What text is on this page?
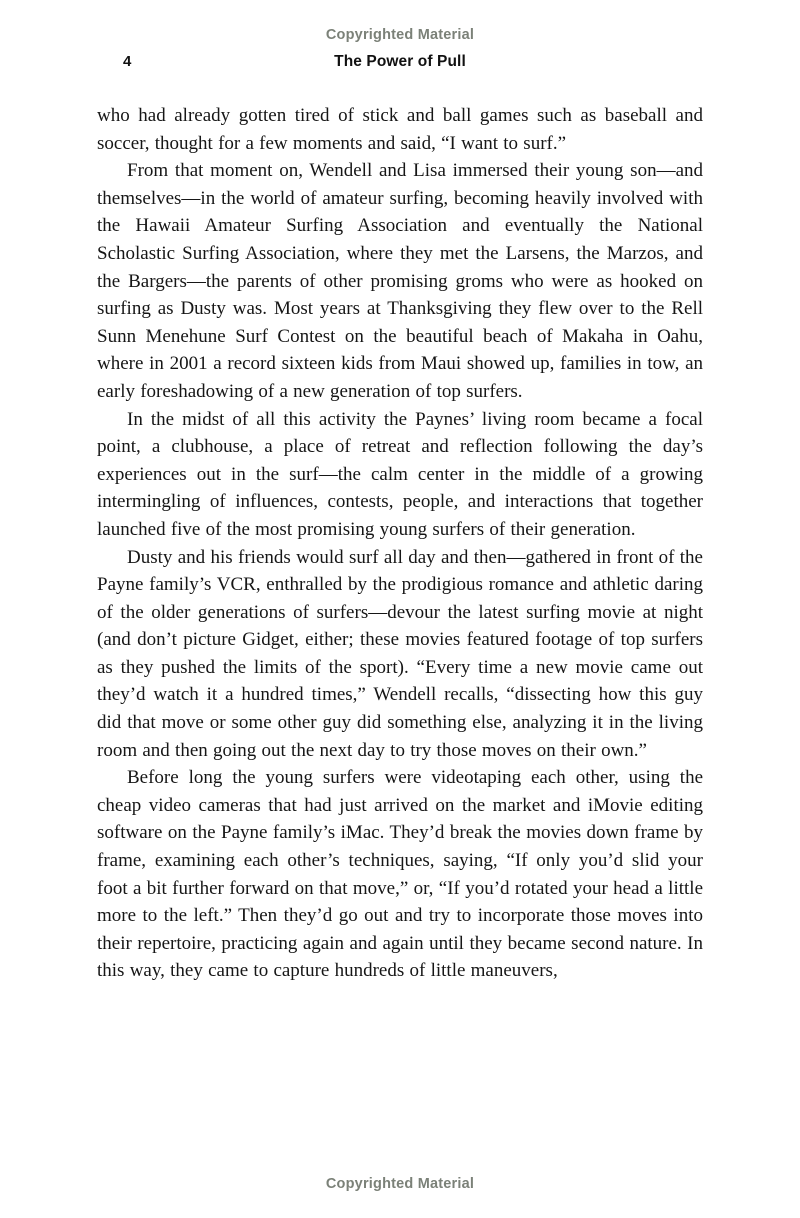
Copyrighted Material
4	The Power of Pull

who had already gotten tired of stick and ball games such as baseball and soccer, thought for a few moments and said, “I want to surf.”

From that moment on, Wendell and Lisa immersed their young son—and themselves—in the world of amateur surfing, becoming heavily involved with the Hawaii Amateur Surfing Association and eventually the National Scholastic Surfing Association, where they met the Larsens, the Marzos, and the Bargers—the parents of other promising groms who were as hooked on surfing as Dusty was. Most years at Thanksgiving they flew over to the Rell Sunn Menehune Surf Contest on the beautiful beach of Makaha in Oahu, where in 2001 a record sixteen kids from Maui showed up, families in tow, an early foreshadowing of a new generation of top surfers.

In the midst of all this activity the Paynes’ living room became a focal point, a clubhouse, a place of retreat and reflection following the day’s experiences out in the surf—the calm center in the middle of a growing intermingling of influences, contests, people, and interactions that together launched five of the most promising young surfers of their generation.

Dusty and his friends would surf all day and then—gathered in front of the Payne family’s VCR, enthralled by the prodigious romance and athletic daring of the older generations of surfers—devour the latest surfing movie at night (and don’t picture Gidget, either; these movies featured footage of top surfers as they pushed the limits of the sport). “Every time a new movie came out they’d watch it a hundred times,” Wendell recalls, “dissecting how this guy did that move or some other guy did something else, analyzing it in the living room and then going out the next day to try those moves on their own.”

Before long the young surfers were videotaping each other, using the cheap video cameras that had just arrived on the market and iMovie editing software on the Payne family’s iMac. They’d break the movies down frame by frame, examining each other’s techniques, saying, “If only you’d slid your foot a bit further forward on that move,” or, “If you’d rotated your head a little more to the left.” Then they’d go out and try to incorporate those moves into their repertoire, practicing again and again until they became second nature. In this way, they came to capture hundreds of little maneuvers,

Copyrighted Material
